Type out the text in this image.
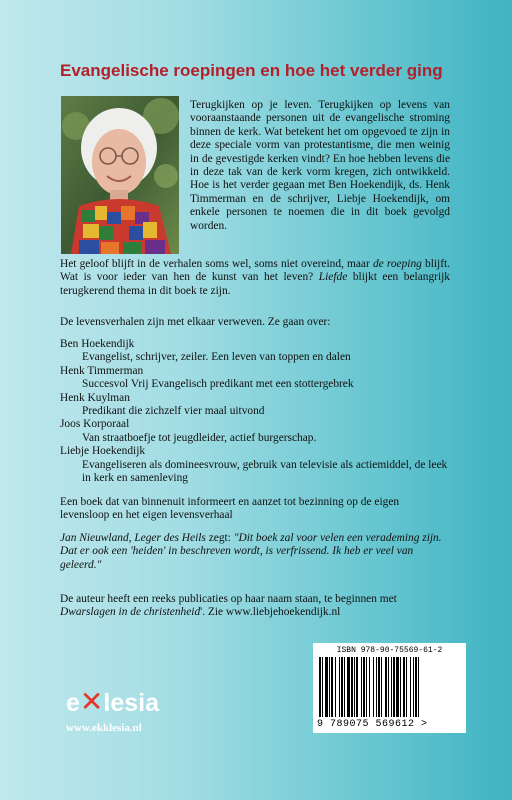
Evangelische roepingen en hoe het verder ging

Terugkijken op je leven. Terugkijken op levens van vooraanstaande personen uit de evangelische stroming binnen de kerk. Wat betekent het om opgevoed te zijn in deze speciale vorm van protestantisme, die men weinig in de gevestigde kerken vindt? En hoe hebben levens die in deze tak van de kerk vorm kregen, zich ontwikkeld. Hoe is het verder gegaan met Ben Hoekendijk, ds. Henk Timmerman en de schrijver, Liebje Hoekendijk, om enkele personen te noemen die in dit boek gevolgd worden.

Het geloof blijft in de verhalen soms wel, soms niet overeind, maar de roeping blijft. Wat is voor ieder van hen de kunst van het leven? Liefde blijkt een belangrijk terugkerend thema in dit boek te zijn.

De levensverhalen zijn met elkaar verweven. Ze gaan over:

Ben Hoekendijk

Evangelist, schrijver, zeiler. Een leven van toppen en dalen

Henk Timmerman

Succesvol Vrij Evangelisch predikant met een stottergebrek

Henk Kuylman

Predikant die zichzelf vier maal uitvond

Joos Korporaal

Van straatboefje tot jeugdleider, actief burgerschap.

Liebje Hoekendijk

Evangeliseren als domineesvrouw, gebruik van televisie als actiemiddel, de leek in kerk en samenleving

Een boek dat van binnenuit informeert en aanzet tot bezinning op de eigen levensloop en het eigen levensverhaal

Jan Nieuwland, Leger des Heils zegt: "Dit boek zal voor velen een verademing zijn. Dat er ook een 'heiden' in beschreven wordt, is verfrissend. Ik heb er veel van geleerd."

De auteur heeft een reeks publicaties op haar naam staan, te beginnen met Dwarslagen in de christenheid'. Zie www.liebjehoekendijk.nl

e✕lesia
www.ekklesia.nl
ISBN 978-90-75569-61-2
9 789075 569612 >
